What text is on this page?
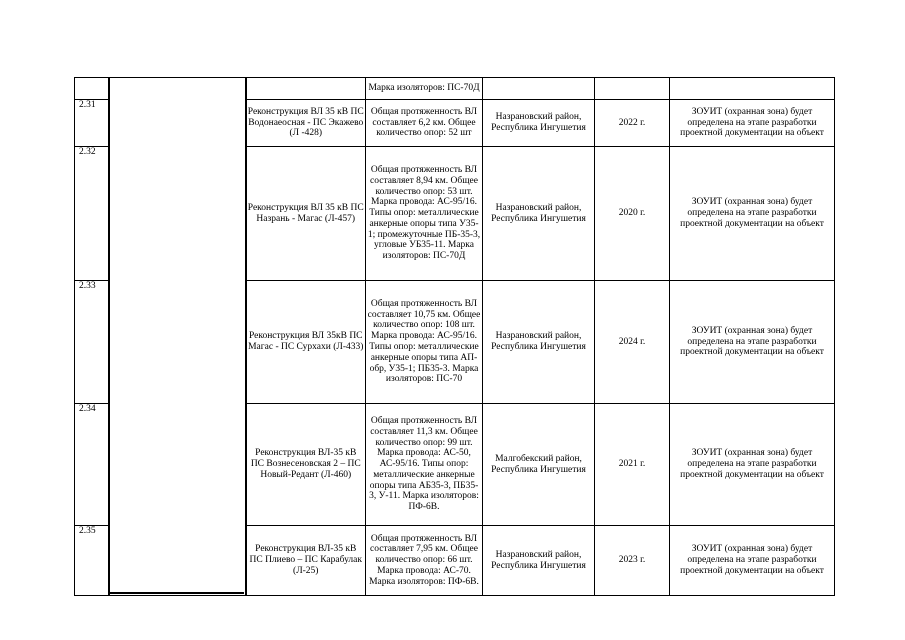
			Марка изоляторов: ПС-70Д			
2.31		Реконструкция ВЛ 35 кВ ПС Водонаеосная - ПС Экажево (Л -428)	Общая протяженность ВЛ составляет 6,2 км. Общее количество опор: 52 шт	Назрановский район, Республика Ингушетия	2022 г.	ЗОУИТ (охранная зона) будет определена на этапе разработки проектной документации на объект
2.32		Реконструкция ВЛ 35 кВ ПС Назрань - Магас (Л-457)	Общая протяженность ВЛ составляет 8,94 км. Общее количество опор: 53 шт. Марка провода: АС-95/16. Типы опор: металлические анкерные опоры типа У35-1; промежуточные ПБ-35-3, угловые УБ35-11. Марка изоляторов: ПС-70Д	Назрановский район, Республика Ингушетия	2020 г.	ЗОУИТ (охранная зона) будет определена на этапе разработки проектной документации на объект
2.33		Реконструкция ВЛ 35кВ ПС Магас - ПС Сурхахи (Л-433)	Общая протяженность ВЛ составляет 10,75 км. Общее количество опор: 108 шт. Марка провода: АС-95/16. Типы опор: металлические анкерные опоры типа АП-обр, У35-1; ПБ35-3. Марка изоляторов: ПС-70	Назрановский район, Республика Ингушетия	2024 г.	ЗОУИТ (охранная зона) будет определена на этапе разработки проектной документации на объект
2.34		Реконструкция ВЛ-35 кВ ПС Вознесеновская 2 – ПС Новый-Редант (Л-460)	Общая протяженность ВЛ составляет 11,3 км. Общее количество опор: 99 шт. Марка провода: АС-50, АС-95/16. Типы опор: металлические анкерные опоры типа АБ35-3, ПБ35-3, У-11. Марка изоляторов: ПФ-6В.	Малгобекский район, Республика Ингушетия	2021 г.	ЗОУИТ (охранная зона) будет определена на этапе разработки проектной документации на объект
2.35		Реконструкция ВЛ-35 кВ ПС Плиево – ПС Карабулак (Л-25)	Общая протяженность ВЛ составляет 7,95 км. Общее количество опор: 66 шт. Марка провода: АС-70. Марка изоляторов: ПФ-6В.	Назрановский район, Республика Ингушетия	2023 г.	ЗОУИТ (охранная зона) будет определена на этапе разработки проектной документации на объект
